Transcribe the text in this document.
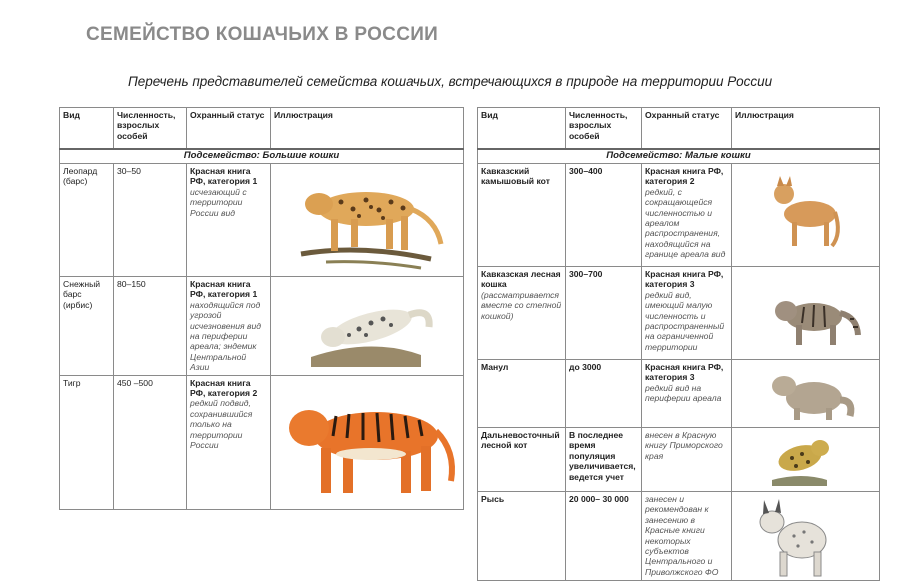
СЕМЕЙСТВО КОШАЧЬИХ В РОССИИ
Перечень представителей семейства кошачьих, встречающихся в природе на территории России
Вид	Численность, взрослых особей	Охранный статус	Иллюстрация
Подсемейство: Большие кошки			
Леопард (барс)	30–50	Красная книга РФ, категория 1
исчезающий с территории России вид

Снежный барс (ирбис)	80–150	Красная книга РФ, категория 1
находящийся под угрозой исчезновения вид на периферии ареала; эндемик Центральной Азии

Тигр	450 –500	Красная книга РФ, категория 2
редкий подвид, сохранившийся только на территории России

Вид	Численность, взрослых особей	Охранный статус	Иллюстрация
Подсемейство: Малые кошки			
Кавказский камышовый кот	300–400	Красная книга РФ, категория 2
редкий, с сокращающейся численностью и ареалом распространения, находящийся на границе ареала вид

Кавказская лесная кошка
(рассматривается вместе со степной кошкой)	300–700	Красная книга РФ, категория 3
редкий вид, имеющий малую численность и распространенный на ограниченной территории

Манул	до 3000	Красная книга РФ, категория 3
редкий вид на периферии ареала

Дальневосточный лесной кот	В последнее время популяция увеличивается, ведется учет	внесен в Красную книгу Приморского края

Рысь	20 000– 30 000	занесен и рекомендован к занесению в Красные книги некоторых субъектов Центрального и Приволжского ФО
